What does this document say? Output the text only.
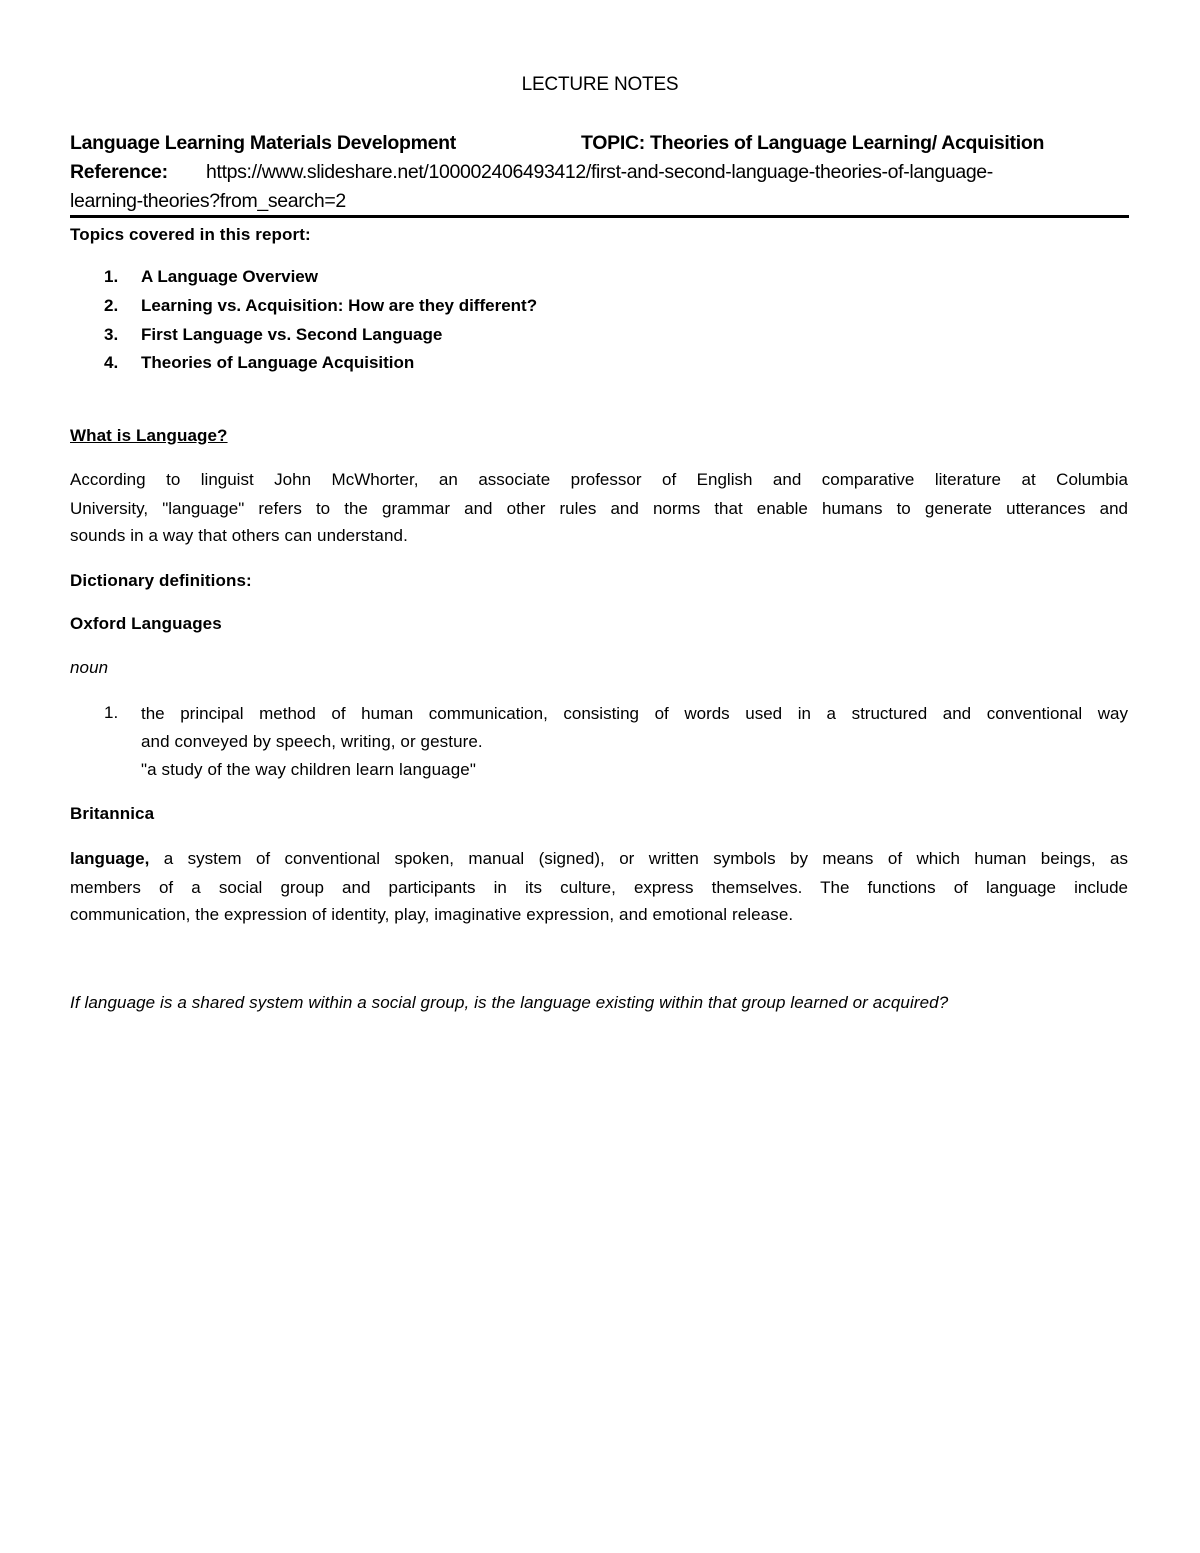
LECTURE NOTES
Language Learning Materials Development	TOPIC: Theories of Language Learning/ Acquisition
Reference: https://www.slideshare.net/100002406493412/first-and-second-language-theories-of-language-
learning-theories?from_search=2
Topics covered in this report:
1. A Language Overview
2. Learning vs. Acquisition: How are they different?
3. First Language vs. Second Language
4. Theories of Language Acquisition
What is Language?
According to linguist John McWhorter, an associate professor of English and comparative literature at Columbia
University, "language" refers to the grammar and other rules and norms that enable humans to generate utterances and
sounds in a way that others can understand.
Dictionary definitions:
Oxford Languages
noun
1. the principal method of human communication, consisting of words used in a structured and conventional way
and conveyed by speech, writing, or gesture.
"a study of the way children learn language"
Britannica
language, a system of conventional spoken, manual (signed), or written symbols by means of which human beings, as
members of a social group and participants in its culture, express themselves. The functions of language include
communication, the expression of identity, play, imaginative expression, and emotional release.
If language is a shared system within a social group, is the language existing within that group learned or acquired?
